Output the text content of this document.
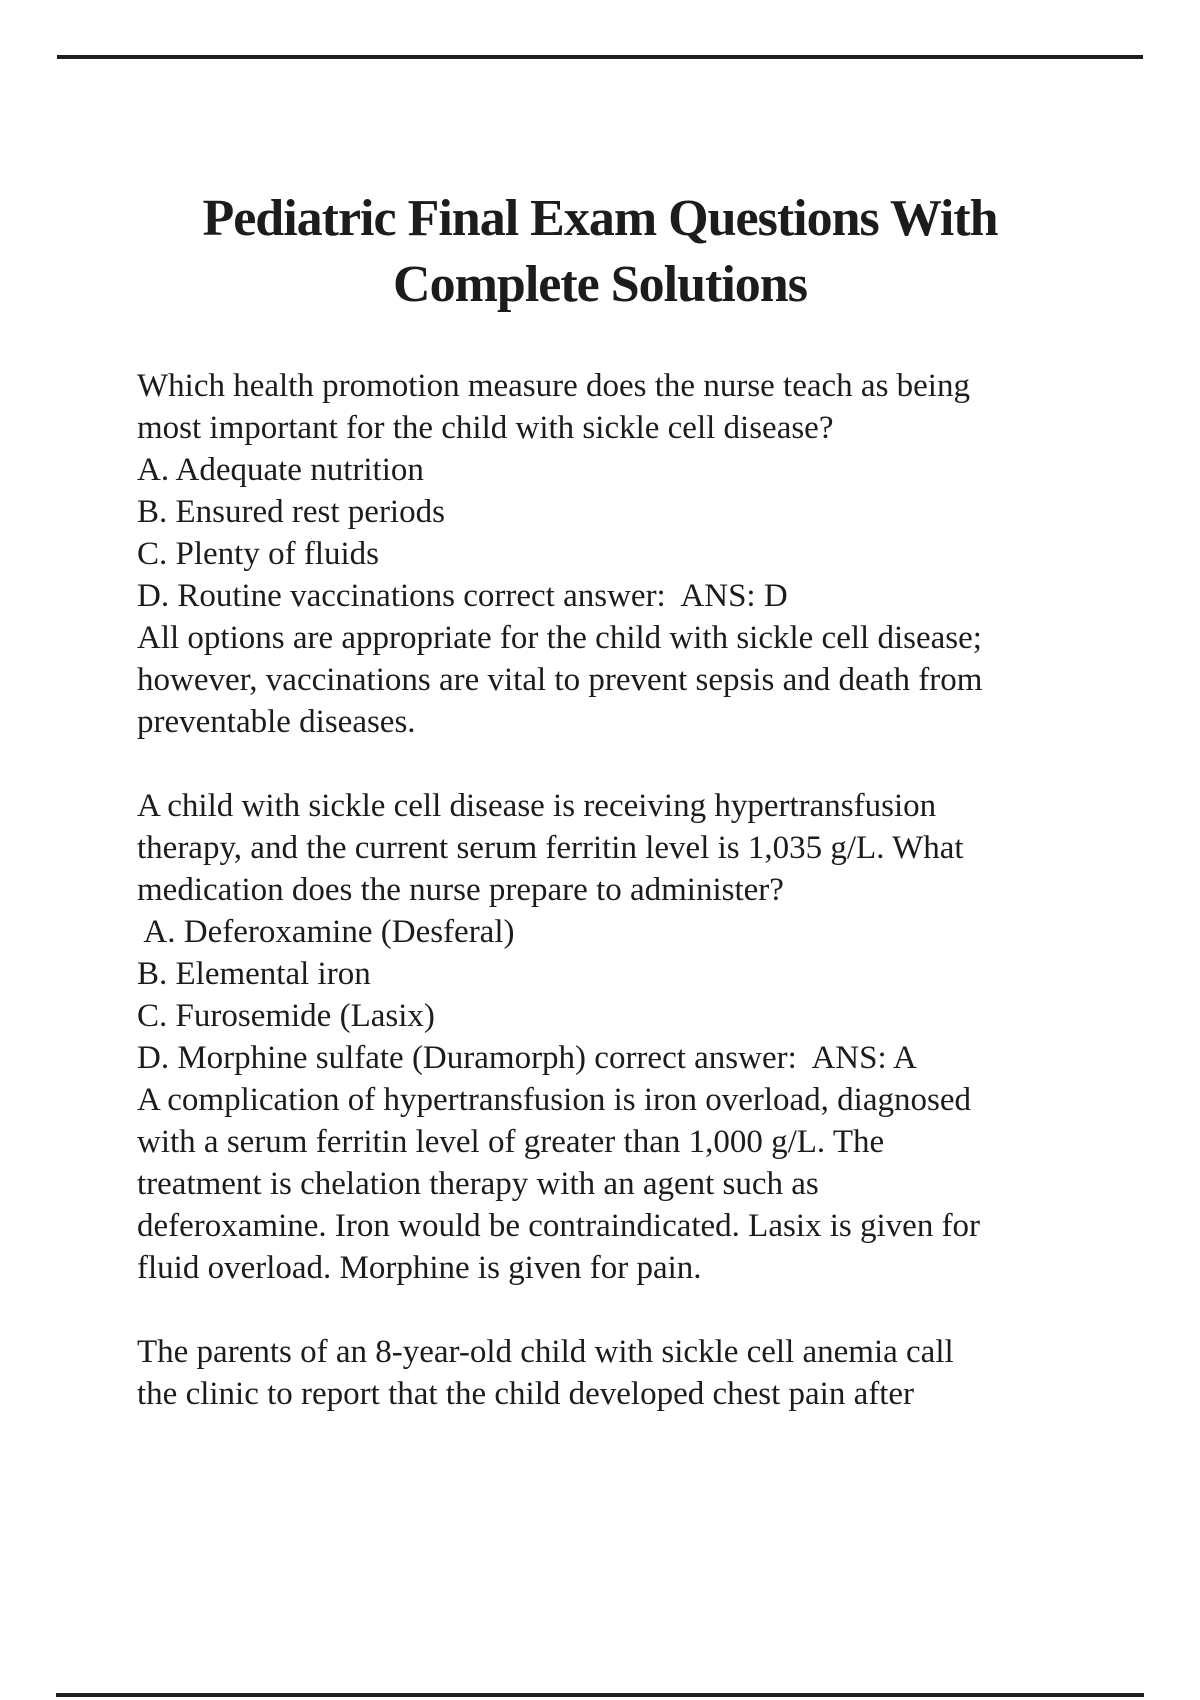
Pediatric Final Exam Questions With
Complete Solutions
Which health promotion measure does the nurse teach as being
most important for the child with sickle cell disease?
A. Adequate nutrition
B. Ensured rest periods
C. Plenty of fluids
D. Routine vaccinations correct answer:  ANS: D
All options are appropriate for the child with sickle cell disease;
however, vaccinations are vital to prevent sepsis and death from
preventable diseases.
A child with sickle cell disease is receiving hypertransfusion
therapy, and the current serum ferritin level is 1,035 g/L. What
medication does the nurse prepare to administer?
A. Deferoxamine (Desferal)
B. Elemental iron
C. Furosemide (Lasix)
D. Morphine sulfate (Duramorph) correct answer:  ANS: A
A complication of hypertransfusion is iron overload, diagnosed
with a serum ferritin level of greater than 1,000 g/L. The
treatment is chelation therapy with an agent such as
deferoxamine. Iron would be contraindicated. Lasix is given for
fluid overload. Morphine is given for pain.
The parents of an 8-year-old child with sickle cell anemia call
the clinic to report that the child developed chest pain after
